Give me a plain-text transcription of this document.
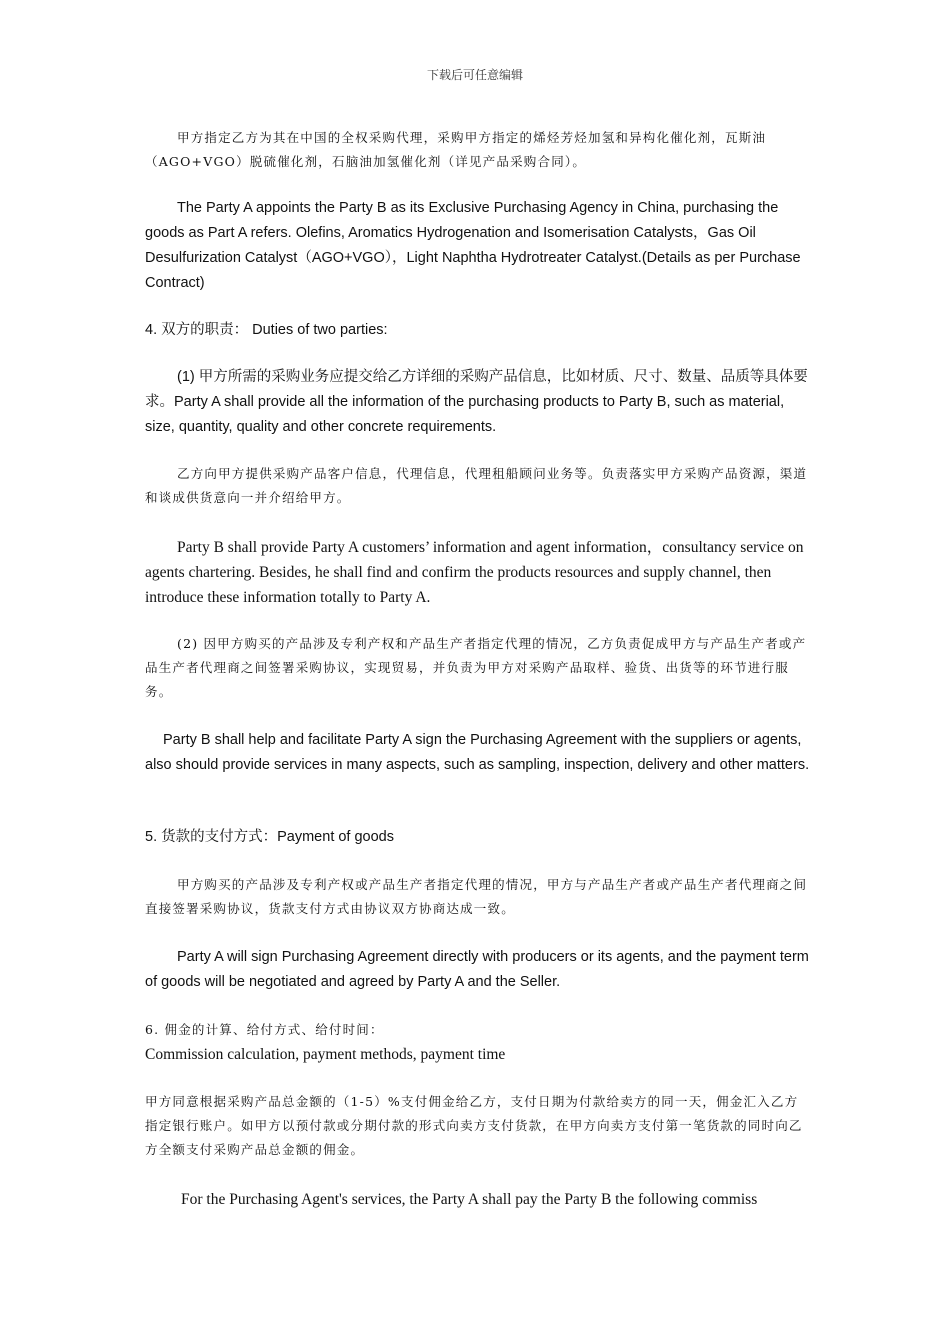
下载后可任意编辑

甲方指定乙方为其在中国的全权采购代理，采购甲方指定的烯烃芳烃加氢和异构化催化剂，瓦斯油（AGO+VGO）脱硫催化剂，石脑油加氢催化剂（详见产品采购合同）。

The Party A appoints the Party B as its Exclusive Purchasing Agency in China, purchasing the goods as Part A refers. Olefins, Aromatics Hydrogenation and Isomerisation Catalysts，Gas Oil Desulfurization Catalyst（AGO+VGO），Light Naphtha Hydrotreater Catalyst.(Details as per Purchase Contract)

4. 双方的职责： Duties of two parties:

(1) 甲方所需的采购业务应提交给乙方详细的采购产品信息，比如材质、尺寸、数量、品质等具体要求。Party A shall provide all the information of the purchasing products to Party B, such as material, size, quantity, quality and other concrete requirements.

乙方向甲方提供采购产品客户信息，代理信息，代理租船顾问业务等。负责落实甲方采购产品资源，渠道和谈成供货意向一并介绍给甲方。

Party B shall provide Party A customers’ information and agent information，consultancy service on agents chartering. Besides, he shall find and confirm the products resources and supply channel, then introduce these information totally to Party A.

(2) 因甲方购买的产品涉及专利产权和产品生产者指定代理的情况，乙方负责促成甲方与产品生产者或产品生产者代理商之间签署采购协议，实现贸易，并负责为甲方对采购产品取样、验货、出货等的环节进行服务。

Party B shall help and facilitate Party A sign the Purchasing Agreement with the suppliers or agents, also should provide services in many aspects, such as sampling, inspection, delivery and other matters.

5. 货款的支付方式：Payment of goods

甲方购买的产品涉及专利产权或产品生产者指定代理的情况，甲方与产品生产者或产品生产者代理商之间直接签署采购协议，货款支付方式由协议双方协商达成一致。

Party A will sign Purchasing Agreement directly with producers or its agents, and the payment term of goods will be negotiated and agreed by Party A and the Seller.

6. 佣金的计算、给付方式、给付时间：

Commission calculation, payment methods, payment time

甲方同意根据采购产品总金额的（1-5）%支付佣金给乙方，支付日期为付款给卖方的同一天，佣金汇入乙方指定银行账户。如甲方以预付款或分期付款的形式向卖方支付货款，在甲方向卖方支付第一笔货款的同时向乙方全额支付采购产品总金额的佣金。

For the Purchasing Agent's services, the Party A shall pay the Party B the following commiss
